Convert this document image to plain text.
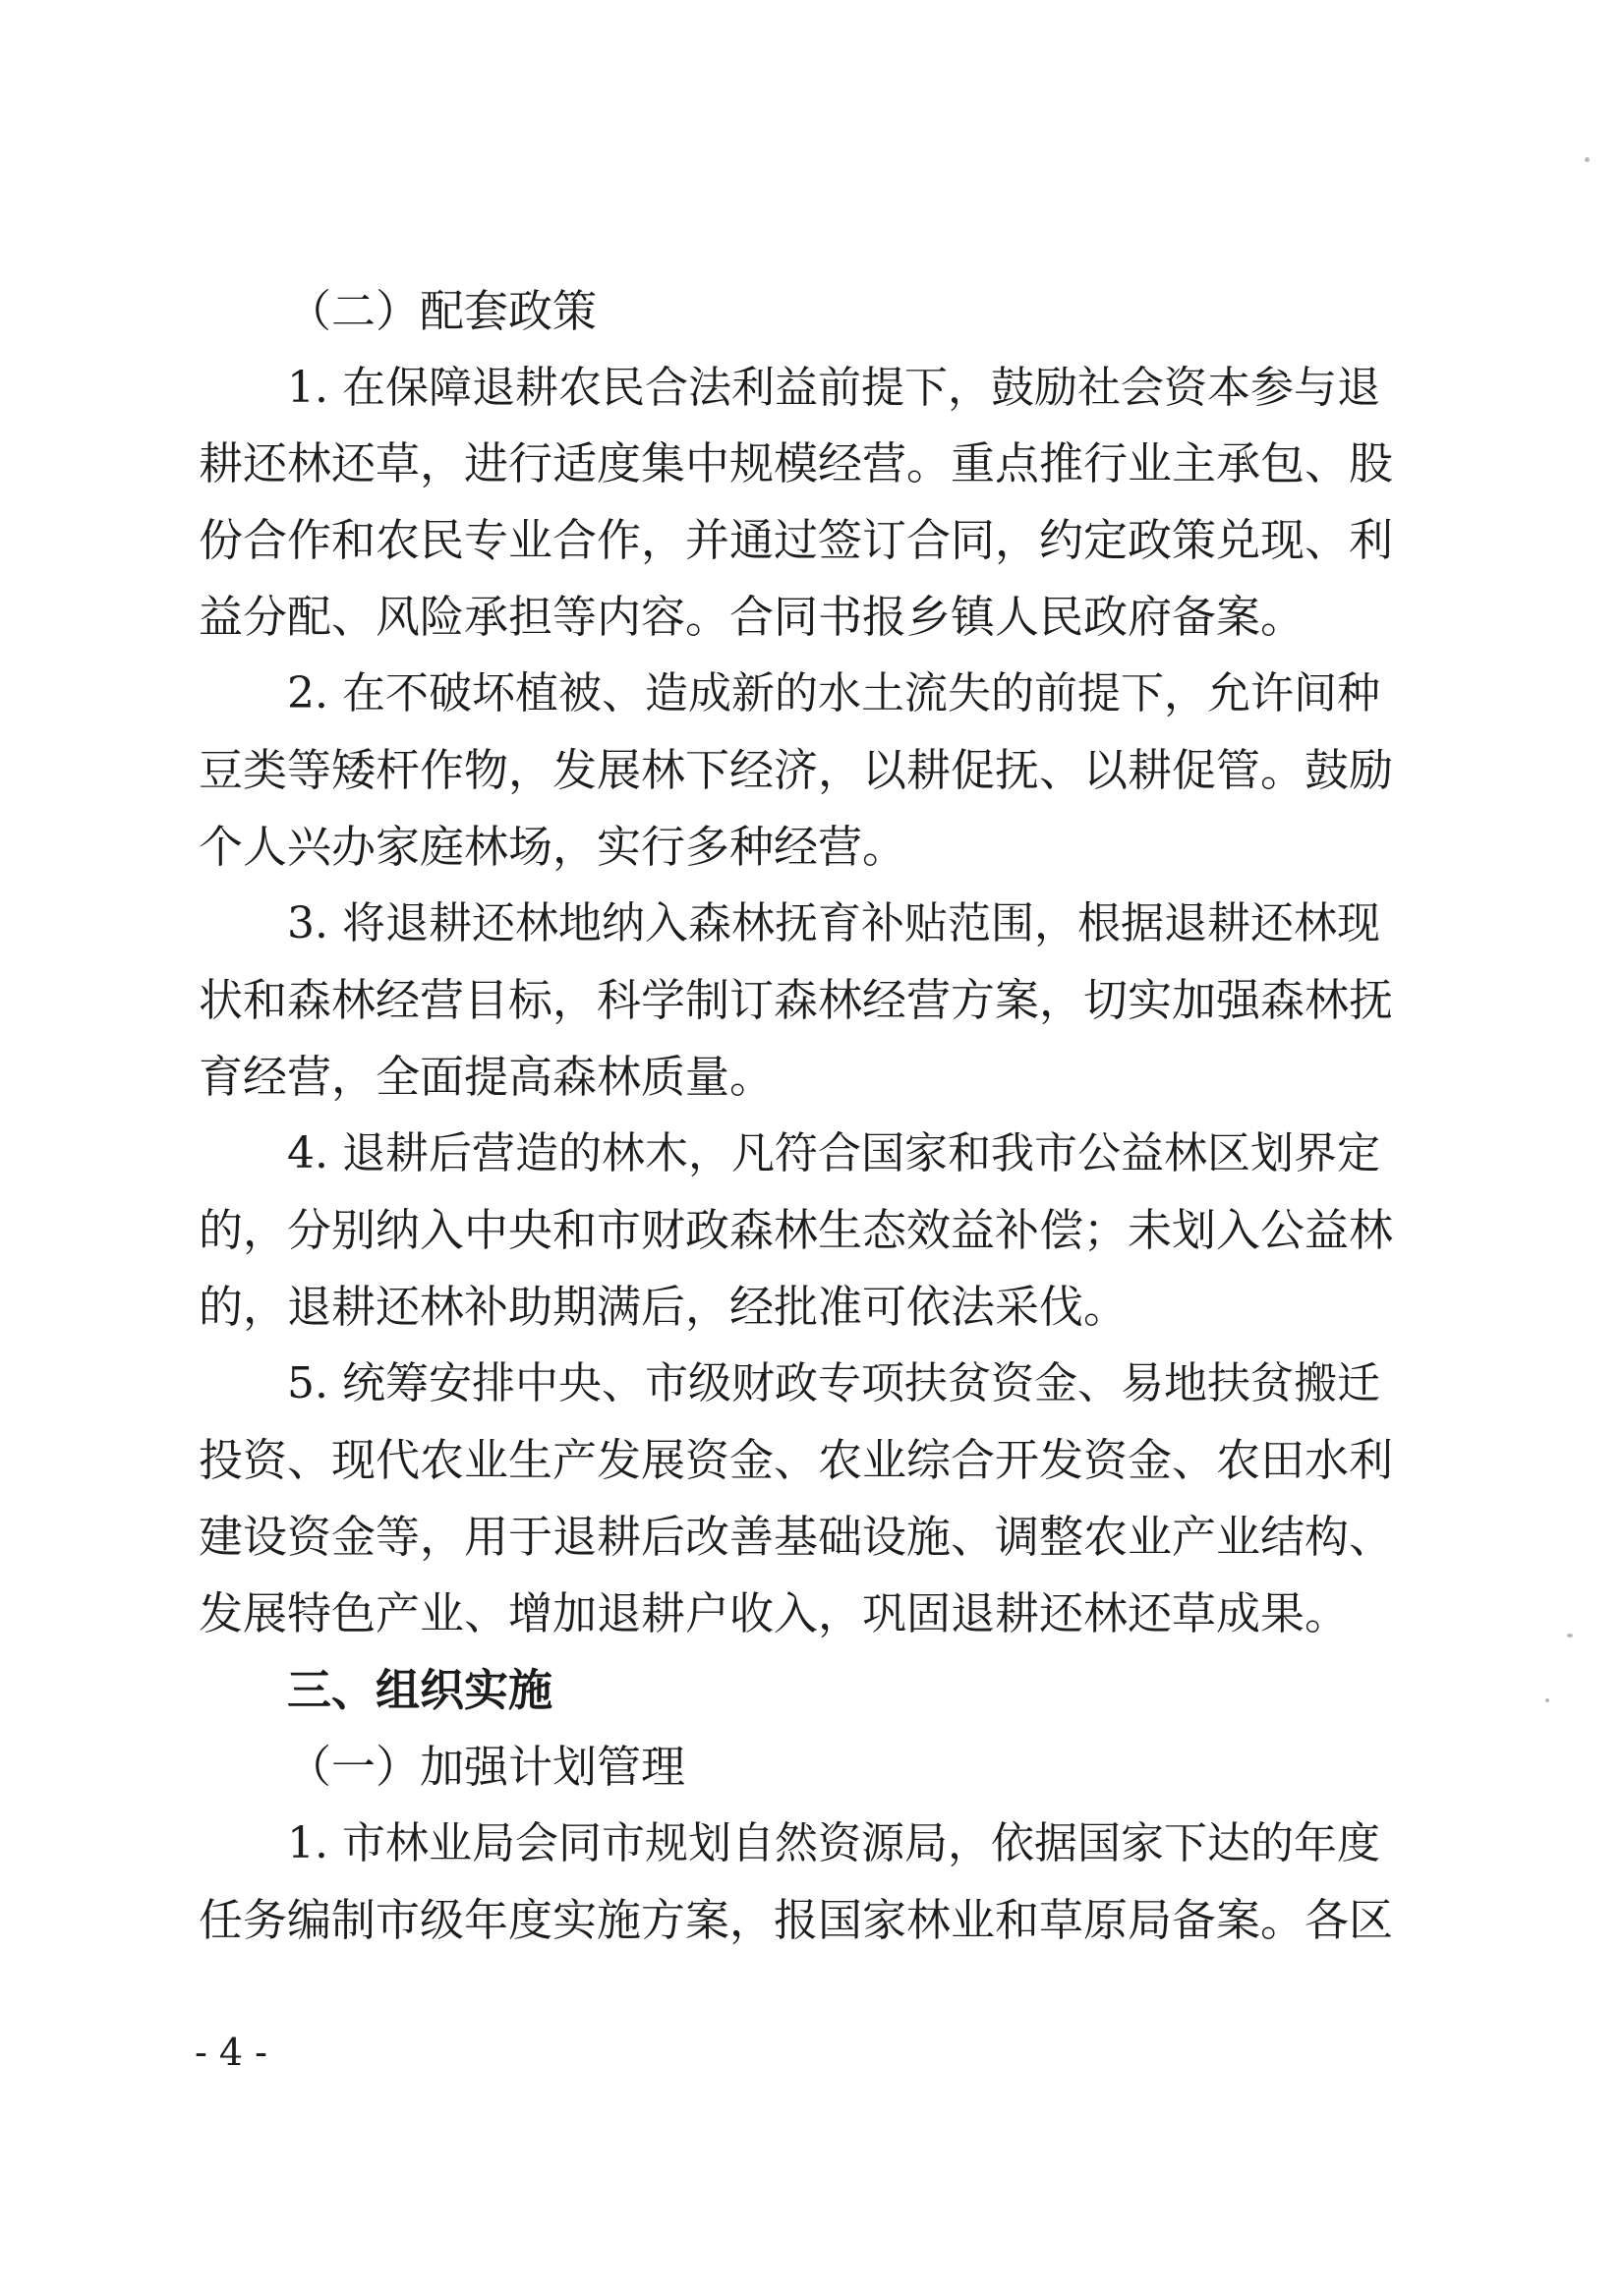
（二）配套政策
1. 在保障退耕农民合法利益前提下，鼓励社会资本参与退
耕还林还草，进行适度集中规模经营。重点推行业主承包、股
份合作和农民专业合作，并通过签订合同，约定政策兑现、利
益分配、风险承担等内容。合同书报乡镇人民政府备案。
2. 在不破坏植被、造成新的水土流失的前提下，允许间种
豆类等矮杆作物，发展林下经济，以耕促抚、以耕促管。鼓励
个人兴办家庭林场，实行多种经营。
3. 将退耕还林地纳入森林抚育补贴范围，根据退耕还林现
状和森林经营目标，科学制订森林经营方案，切实加强森林抚
育经营，全面提高森林质量。
4. 退耕后营造的林木，凡符合国家和我市公益林区划界定
的，分别纳入中央和市财政森林生态效益补偿；未划入公益林
的，退耕还林补助期满后，经批准可依法采伐。
5. 统筹安排中央、市级财政专项扶贫资金、易地扶贫搬迁
投资、现代农业生产发展资金、农业综合开发资金、农田水利
建设资金等，用于退耕后改善基础设施、调整农业产业结构、
发展特色产业、增加退耕户收入，巩固退耕还林还草成果。
三、组织实施
（一）加强计划管理
1. 市林业局会同市规划自然资源局，依据国家下达的年度
任务编制市级年度实施方案，报国家林业和草原局备案。各区
- 4 -
